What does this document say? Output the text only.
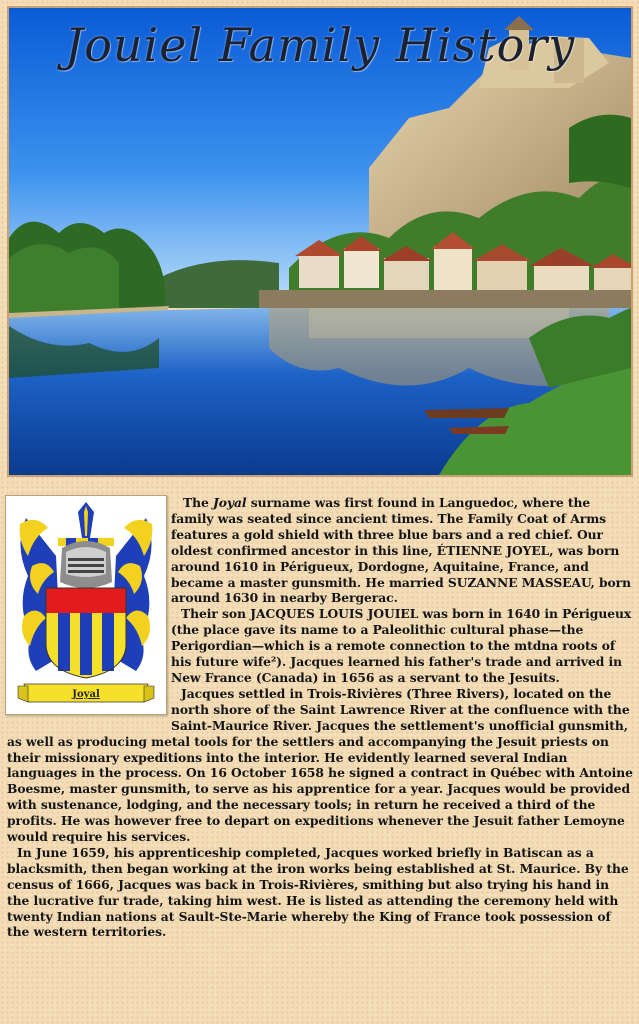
Jouiel Family History
Joyal

The Joyal surname was first found in Languedoc, where the family was seated since ancient times. The Family Coat of Arms features a gold shield with three blue bars and a red chief. Our oldest confirmed ancestor in this line, ÉTIENNE JOYEL, was born around 1610 in Périgueux, Dordogne, Aquitaine, France, and became a master gunsmith. He married SUZANNE MASSEAU, born around 1630 in nearby Bergerac.

Their son JACQUES LOUIS JOUIEL was born in 1640 in Périgueux (the place gave its name to a Paleolithic cultural phase—the Perigordian—which is a remote connection to the mtdna roots of his future wife²). Jacques learned his father's trade and arrived in New France (Canada) in 1656 as a servant to the Jesuits.

Jacques settled in Trois-Rivières (Three Rivers), located on the north shore of the Saint Lawrence River at the confluence with the Saint-Maurice River. Jacques the settlement's unofficial gunsmith, as well as producing metal tools for the settlers and accompanying the Jesuit priests on their missionary expeditions into the interior. He evidently learned several Indian languages in the process. On 16 October 1658 he signed a contract in Québec with Antoine Boesme, master gunsmith, to serve as his apprentice for a year. Jacques would be provided with sustenance, lodging, and the necessary tools; in return he received a third of the profits. He was however free to depart on expeditions whenever the Jesuit father Lemoyne would require his services.

In June 1659, his apprenticeship completed, Jacques worked briefly in Batiscan as a blacksmith, then began working at the iron works being established at St. Maurice. By the census of 1666, Jacques was back in Trois-Rivières, smithing but also trying his hand in the lucrative fur trade, taking him west. He is listed as attending the ceremony held with twenty Indian nations at Sault-Ste-Marie whereby the King of France took possession of the western territories.
